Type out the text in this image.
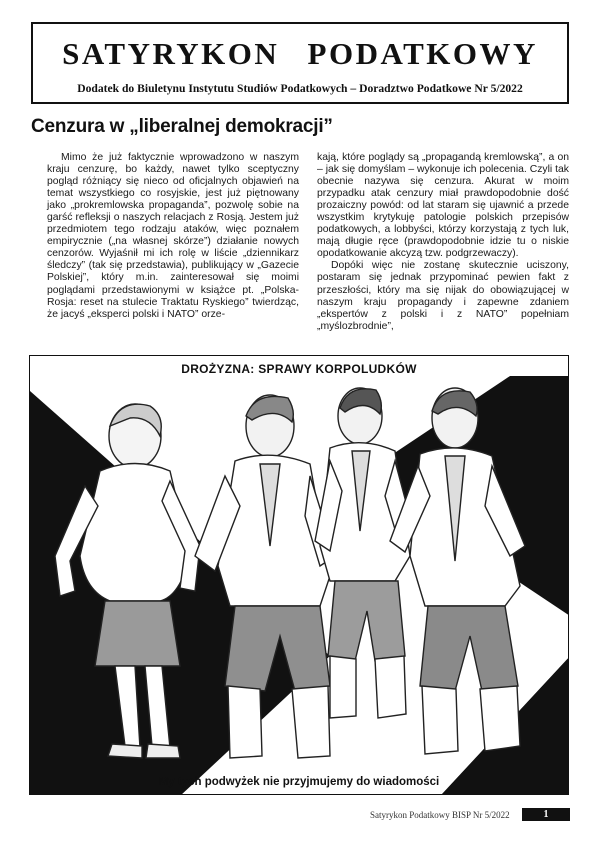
SATYRYKON PODATKOWY
Dodatek do Biuletynu Instytutu Studiów Podatkowych – Doradztwo Podatkowe Nr 5/2022
Cenzura w „liberalnej demokracji”

Mimo że już faktycznie wprowadzono w naszym kraju cenzurę, bo każdy, nawet tylko sceptyczny pogląd różniący się nieco od oficjalnych objawień na temat wszystkiego co rosyjskie, jest już piętnowany jako „prokremlowska propaganda”, pozwolę sobie na garść refleksji o naszych relacjach z Rosją. Jestem już przedmiotem tego rodzaju ataków, więc poznałem empirycznie („na własnej skórze”) działanie nowych cenzorów. Wyjaśnił mi ich rolę w liście „dziennikarz śledczy” (tak się przedstawia), publikujący w „Gazecie Polskiej”, który m.in. zainteresował się moimi poglądami przedstawionymi w książce pt. „Polska-Rosja: reset na stulecie Traktatu Ryskiego” twierdząc, że jacyś „eksperci polski i NATO” orze-

kają, które poglądy są „propagandą kremlowską”, a on – jak się domyślam – wykonuje ich polecenia. Czyli tak obecnie nazywa się cenzura. Akurat w moim przypadku atak cenzury miał prawdopodobnie dość prozaiczny powód: od lat staram się ujawnić a przede wszystkim krytykuję patologie polskich przepisów podatkowych, a lobbyści, którzy korzystają z tych luk, mają długie ręce (prawdopodobnie idzie tu o niskie opodatkowanie akcyzą tzw. podgrzewaczy).

Dopóki więc nie zostanę skutecznie uciszony, postaram się jednak przypominać pewien fakt z przeszłości, który ma się nijak do obowiązującej w naszym kraju propagandy i zapewne zdaniem „ekspertów z polski i z NATO” popełniam „myślozbrodnie”,

DROŻYZNA: SPRAWY KORPOLUDKÓW
My tych podwyżek nie przyjmujemy do wiadomości
Satyrykon Podatkowy BISP Nr 5/2022	1
